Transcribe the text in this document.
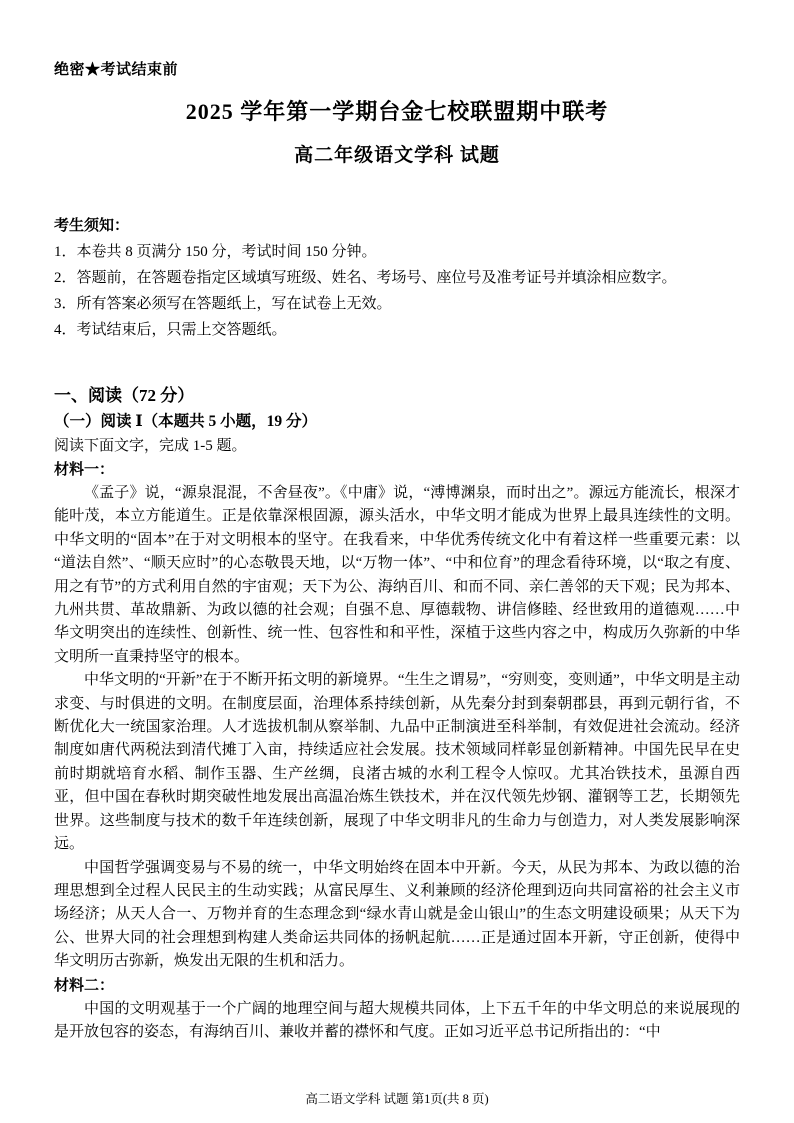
绝密★考试结束前
2025 学年第一学期台金七校联盟期中联考
高二年级语文学科 试题
考生须知：
1．本卷共 8 页满分 150 分，考试时间 150 分钟。
2．答题前，在答题卷指定区域填写班级、姓名、考场号、座位号及准考证号并填涂相应数字。
3．所有答案必须写在答题纸上，写在试卷上无效。
4．考试结束后，只需上交答题纸。
一、阅读（72 分）
（一）阅读 Ⅰ（本题共 5 小题，19 分）
阅读下面文字，完成 1-5 题。
材料一：

《孟子》说，“源泉混混，不舍昼夜”。《中庸》说，“溥博渊泉，而时出之”。源远方能流长，根深才能叶茂，本立方能道生。正是依靠深根固源，源头活水，中华文明才能成为世界上最具连续性的文明。中华文明的“固本”在于对文明根本的坚守。在我看来，中华优秀传统文化中有着这样一些重要元素：以“道法自然”、“顺天应时”的心态敬畏天地，以“万物一体”、“中和位育”的理念看待环境，以“取之有度、用之有节”的方式利用自然的宇宙观；天下为公、海纳百川、和而不同、亲仁善邻的天下观；民为邦本、九州共贯、革故鼎新、为政以德的社会观；自强不息、厚德载物、讲信修睦、经世致用的道德观……中华文明突出的连续性、创新性、统一性、包容性和和平性，深植于这些内容之中，构成历久弥新的中华文明所一直秉持坚守的根本。

中华文明的“开新”在于不断开拓文明的新境界。“生生之谓易”，“穷则变，变则通”，中华文明是主动求变、与时俱进的文明。在制度层面，治理体系持续创新，从先秦分封到秦朝郡县，再到元朝行省，不断优化大一统国家治理。人才选拔机制从察举制、九品中正制演进至科举制，有效促进社会流动。经济制度如唐代两税法到清代摊丁入亩，持续适应社会发展。技术领域同样彰显创新精神。中国先民早在史前时期就培育水稻、制作玉器、生产丝绸，良渚古城的水利工程令人惊叹。尤其冶铁技术，虽源自西亚，但中国在春秋时期突破性地发展出高温冶炼生铁技术，并在汉代领先炒钢、灌钢等工艺，长期领先世界。这些制度与技术的数千年连续创新，展现了中华文明非凡的生命力与创造力，对人类发展影响深远。

中国哲学强调变易与不易的统一，中华文明始终在固本中开新。今天，从民为邦本、为政以德的治理思想到全过程人民民主的生动实践；从富民厚生、义利兼顾的经济伦理到迈向共同富裕的社会主义市场经济；从天人合一、万物并育的生态理念到“绿水青山就是金山银山”的生态文明建设硕果；从天下为公、世界大同的社会理想到构建人类命运共同体的扬帆起航……正是通过固本开新，守正创新，使得中华文明历古弥新，焕发出无限的生机和活力。

材料二：

中国的文明观基于一个广阔的地理空间与超大规模共同体，上下五千年的中华文明总的来说展现的是开放包容的姿态，有海纳百川、兼收并蓄的襟怀和气度。正如习近平总书记所指出的：“中

高二语文学科 试题 第1页(共 8 页)
